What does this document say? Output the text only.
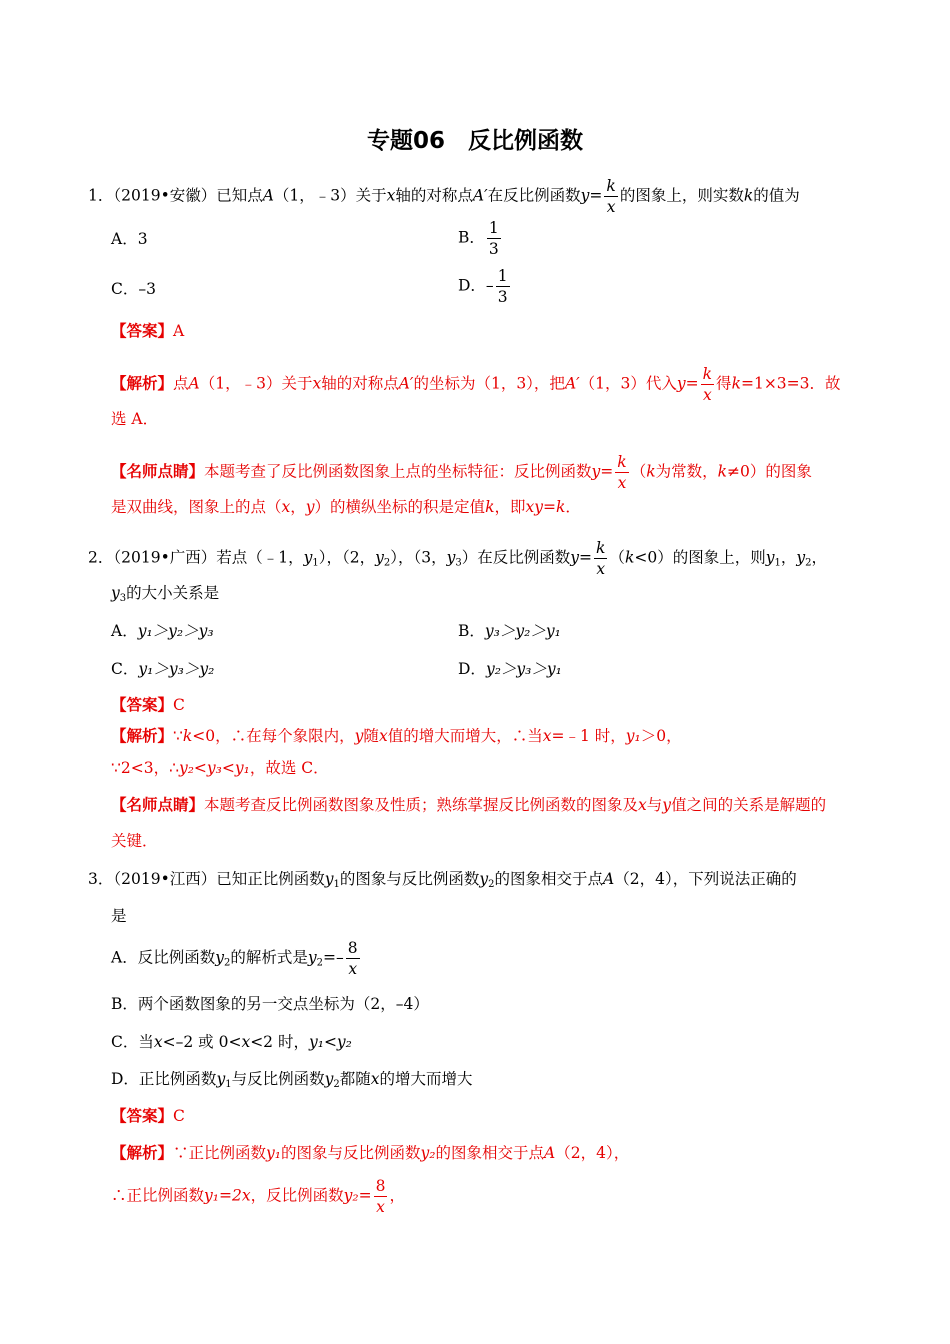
专题06　反比例函数
1．（2019•安徽）已知点A（1，﹣3）关于x轴的对称点A′在反比例函数$y= \frac{k}{x}$ 的图象上，则实数k的值为
A．3	B． $\frac{1}{3}$
C．–3	D．– $\frac{1}{3}$
【答案】A
【解析】点A（1，﹣3）关于x轴的对称点A′的坐标为（1，3），把A′（1，3）代入$y= \frac{k}{x}$ 得k=1×3=3．故
选 A．
【名师点睛】本题考查了反比例函数图象上点的坐标特征：反比例函数$y= \frac{k}{x} (k$为常数，k≠0）的图象
是双曲线，图象上的点（x，y）的横纵坐标的积是定值k，即xy=k．
2．（2019•广西）若点（﹣1，$y_1$），（2，$y_2$），（3，$y_3$）在反比例函数$y= \frac{k}{x} (k<0)$的图象上，则$y_1$，$y_2$，
$y_3$的大小关系是
A．y₁＞y₂＞y₃	B．y₃＞y₂＞y₁
C．y₁＞y₃＞y₂	D．y₂＞y₃＞y₁
【答案】C
【解析】∵k<0，∴在每个象限内，y随x值的增大而增大，∴当x=﹣1 时，y₁＞0，
∵2<3，∴y₂<y₃<y₁，故选 C．
【名师点睛】本题考查反比例函数图象及性质；熟练掌握反比例函数的图象及x与y值之间的关系是解题的
关键．
3．（2019•江西）已知正比例函数$y_1$的图象与反比例函数$y_2$的图象相交于点A（2，4），下列说法正确的
是
A．反比例函数$y_2$的解析式是$y_2=- \frac{8}{x}$
B．两个函数图象的另一交点坐标为（2，–4）
C．当x<–2 或 0<x<2 时，y₁<y₂
D．正比例函数$y_1$与反比例函数$y_2$都随x的增大而增大
【答案】C
【解析】∵正比例函数y₁的图象与反比例函数y₂的图象相交于点A（2，4），
∴正比例函数y₁=2x，反比例函数$y_2= \frac{8}{x}$ ，
